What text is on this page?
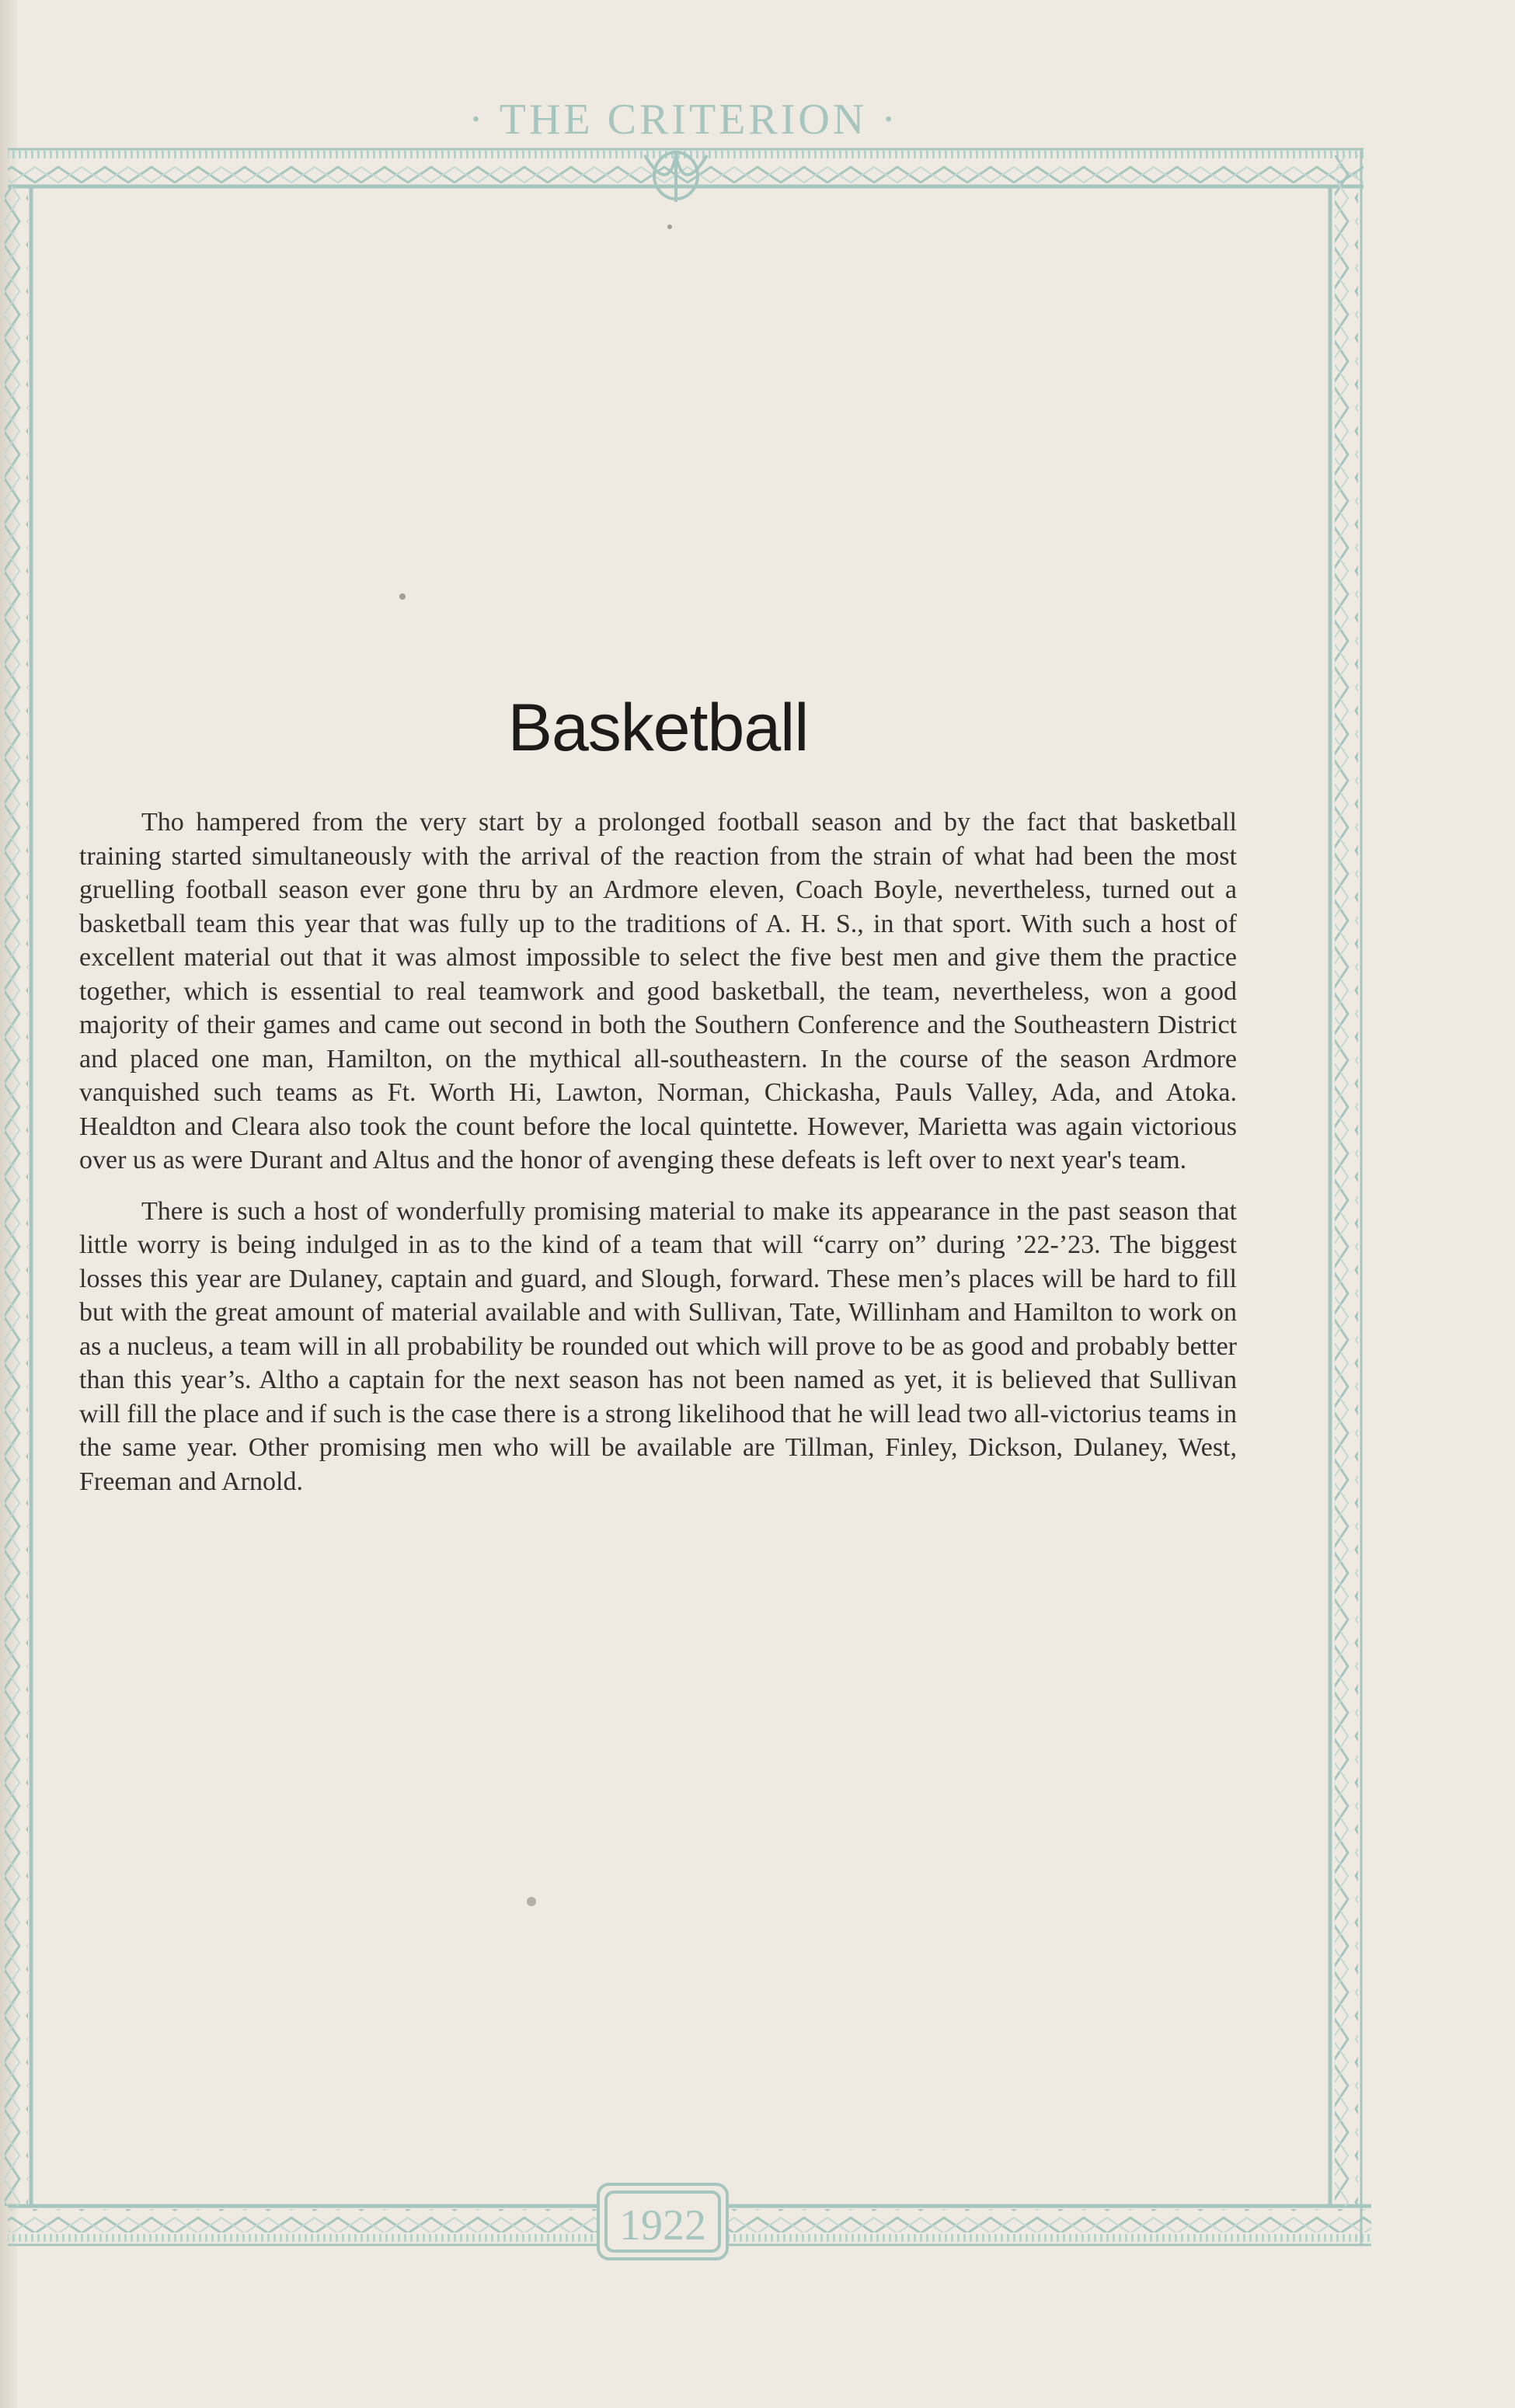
· THE CRITERION ·
1922
Basketball

Tho hampered from the very start by a prolonged football season and by the fact that basketball training started simultaneously with the arrival of the reaction from the strain of what had been the most gruelling football season ever gone thru by an Ardmore eleven, Coach Boyle, nevertheless, turned out a basketball team this year that was fully up to the traditions of A. H. S., in that sport. With such a host of excellent material out that it was almost impossible to select the five best men and give them the practice together, which is essential to real teamwork and good basketball, the team, nevertheless, won a good majority of their games and came out second in both the Southern Conference and the Southeastern District and placed one man, Hamilton, on the mythical all-southeastern. In the course of the season Ardmore vanquished such teams as Ft. Worth Hi, Lawton, Norman, Chickasha, Pauls Valley, Ada, and Atoka. Healdton and Cleara also took the count before the local quintette. However, Marietta was again victorious over us as were Durant and Altus and the honor of avenging these defeats is left over to next year's team.

There is such a host of wonderfully promising material to make its appearance in the past season that little worry is being indulged in as to the kind of a team that will “carry on” during ’22-’23. The biggest losses this year are Dulaney, captain and guard, and Slough, forward. These men’s places will be hard to fill but with the great amount of material available and with Sullivan, Tate, Willinham and Hamilton to work on as a nucleus, a team will in all probability be rounded out which will prove to be as good and probably better than this year’s. Altho a captain for the next season has not been named as yet, it is believed that Sullivan will fill the place and if such is the case there is a strong likelihood that he will lead two all-victorius teams in the same year. Other promising men who will be available are Tillman, Finley, Dickson, Dulaney, West, Freeman and Arnold.
